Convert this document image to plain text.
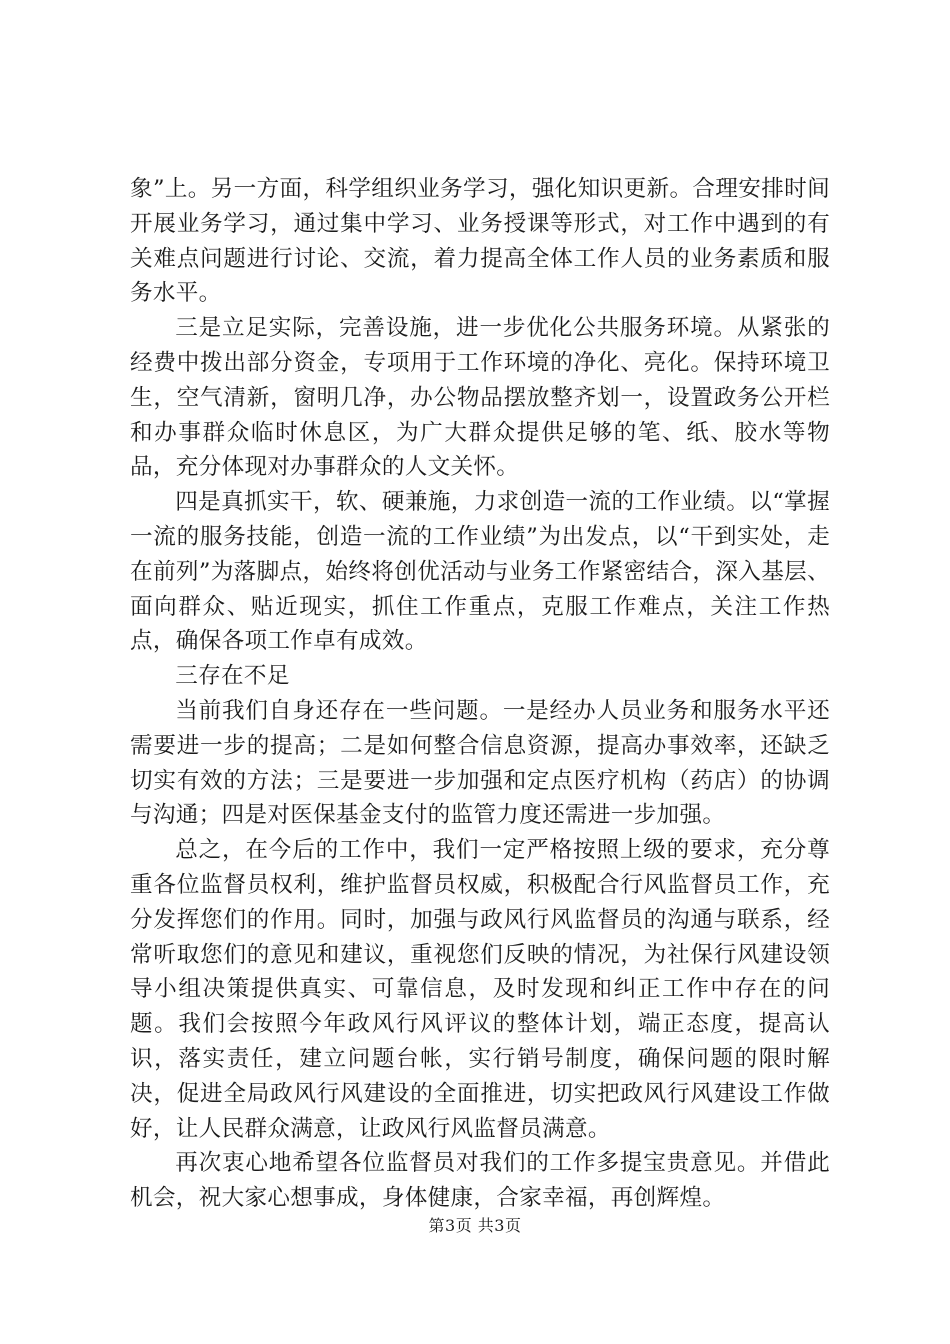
象”上。另一方面，科学组织业务学习，强化知识更新。合理安排时间开展业务学习，通过集中学习、业务授课等形式，对工作中遇到的有关难点问题进行讨论、交流，着力提高全体工作人员的业务素质和服务水平。

三是立足实际，完善设施，进一步优化公共服务环境。从紧张的经费中拨出部分资金，专项用于工作环境的净化、亮化。保持环境卫生，空气清新，窗明几净，办公物品摆放整齐划一，设置政务公开栏和办事群众临时休息区，为广大群众提供足够的笔、纸、胶水等物品，充分体现对办事群众的人文关怀。

四是真抓实干，软、硬兼施，力求创造一流的工作业绩。以“掌握一流的服务技能，创造一流的工作业绩”为出发点，以“干到实处，走在前列”为落脚点，始终将创优活动与业务工作紧密结合，深入基层、面向群众、贴近现实，抓住工作重点，克服工作难点，关注工作热点，确保各项工作卓有成效。

三存在不足

当前我们自身还存在一些问题。一是经办人员业务和服务水平还需要进一步的提高；二是如何整合信息资源，提高办事效率，还缺乏切实有效的方法；三是要进一步加强和定点医疗机构（药店）的协调与沟通；四是对医保基金支付的监管力度还需进一步加强。

总之，在今后的工作中，我们一定严格按照上级的要求，充分尊重各位监督员权利，维护监督员权威，积极配合行风监督员工作，充分发挥您们的作用。同时，加强与政风行风监督员的沟通与联系，经常听取您们的意见和建议，重视您们反映的情况，为社保行风建设领导小组决策提供真实、可靠信息，及时发现和纠正工作中存在的问题。我们会按照今年政风行风评议的整体计划，端正态度，提高认识，落实责任，建立问题台帐，实行销号制度，确保问题的限时解决，促进全局政风行风建设的全面推进，切实把政风行风建设工作做好，让人民群众满意，让政风行风监督员满意。

再次衷心地希望各位监督员对我们的工作多提宝贵意见。并借此机会，祝大家心想事成，身体健康，合家幸福，再创辉煌。

第3页 共3页
